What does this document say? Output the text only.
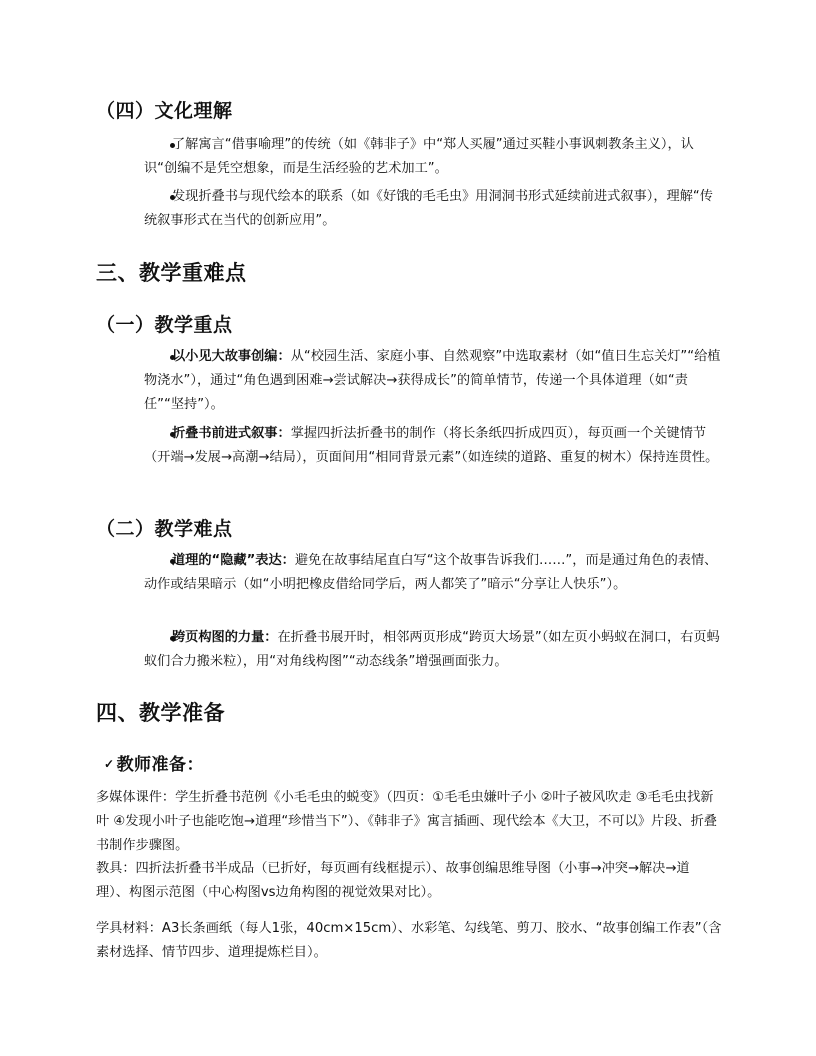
（四）文化理解
了解寓言“借事喻理”的传统（如《韩非子》中“郑人买履”通过买鞋小事讽刺教条主义），认识“创编不是凭空想象，而是生活经验的艺术加工”。
发现折叠书与现代绘本的联系（如《好饿的毛毛虫》用洞洞书形式延续前进式叙事），理解“传统叙事形式在当代的创新应用”。
三、教学重难点
（一）教学重点
以小见大故事创编：从“校园生活、家庭小事、自然观察”中选取素材（如“值日生忘关灯”“给植物浇水”），通过“角色遇到困难→尝试解决→获得成长”的简单情节，传递一个具体道理（如“责任”“坚持”）。
折叠书前进式叙事：掌握四折法折叠书的制作（将长条纸四折成四页），每页画一个关键情节（开端→发展→高潮→结局），页面间用“相同背景元素”（如连续的道路、重复的树木）保持连贯性。
（二）教学难点
道理的“隐藏”表达：避免在故事结尾直白写“这个故事告诉我们……”，而是通过角色的表情、动作或结果暗示（如“小明把橡皮借给同学后，两人都笑了”暗示“分享让人快乐”）。
跨页构图的力量：在折叠书展开时，相邻两页形成“跨页大场景”（如左页小蚂蚁在洞口，右页蚂蚁们合力搬米粒），用“对角线构图”“动态线条”增强画面张力。
四、教学准备
✓ 教师准备：
多媒体课件：学生折叠书范例《小毛毛虫的蜕变》（四页：①毛毛虫嫌叶子小 ②叶子被风吹走 ③毛毛虫找新叶 ④发现小叶子也能吃饱→道理“珍惜当下”）、《韩非子》寓言插画、现代绘本《大卫，不可以》片段、折叠书制作步骤图。
教具：四折法折叠书半成品（已折好，每页画有线框提示）、故事创编思维导图（小事→冲突→解决→道理）、构图示范图（中心构图vs边角构图的视觉效果对比）。
学具材料：A3长条画纸（每人1张，40cm×15cm）、水彩笔、勾线笔、剪刀、胶水、“故事创编工作表”（含素材选择、情节四步、道理提炼栏目）。
